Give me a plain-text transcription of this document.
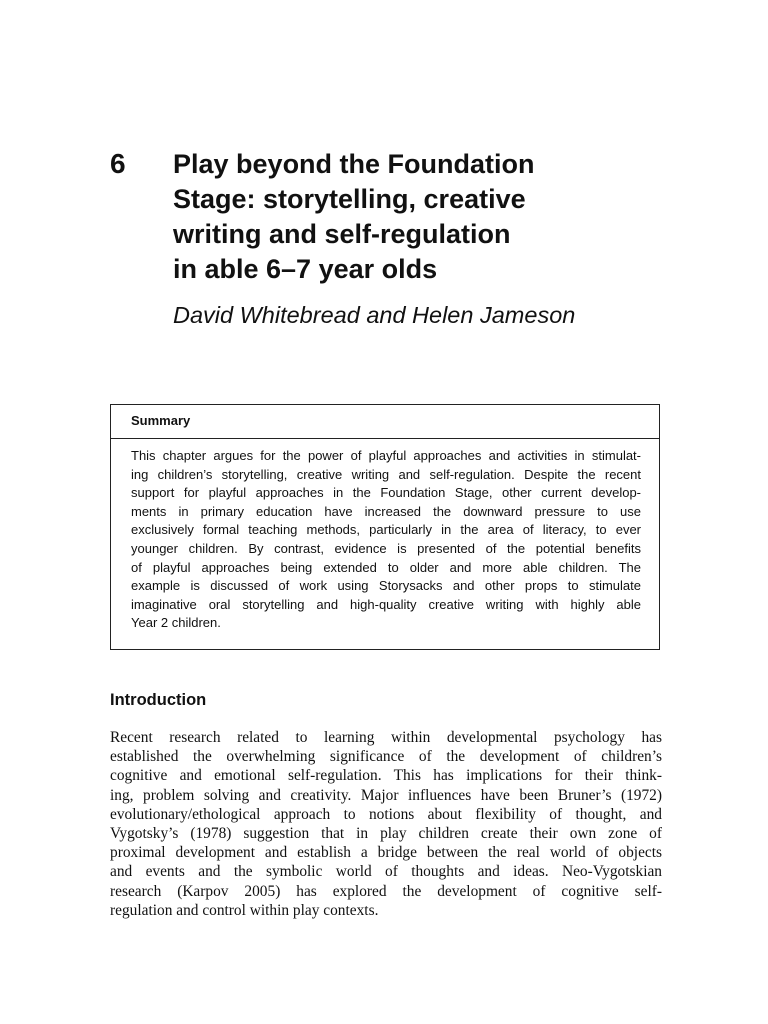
6 Play beyond the Foundation
Stage: storytelling, creative
writing and self-regulation
in able 6–7 year olds
David Whitebread and Helen Jameson
Summary
This chapter argues for the power of playful approaches and activities in stimulat-
ing children’s storytelling, creative writing and self-regulation. Despite the recent
support for playful approaches in the Foundation Stage, other current develop-
ments in primary education have increased the downward pressure to use
exclusively formal teaching methods, particularly in the area of literacy, to ever
younger children. By contrast, evidence is presented of the potential benefits
of playful approaches being extended to older and more able children. The
example is discussed of work using Storysacks and other props to stimulate
imaginative oral storytelling and high-quality creative writing with highly able
Year 2 children.
Introduction
Recent research related to learning within developmental psychology has
established the overwhelming significance of the development of children’s
cognitive and emotional self-regulation. This has implications for their think-
ing, problem solving and creativity. Major influences have been Bruner’s (1972)
evolutionary/ethological approach to notions about flexibility of thought, and
Vygotsky’s (1978) suggestion that in play children create their own zone of
proximal development and establish a bridge between the real world of objects
and events and the symbolic world of thoughts and ideas. Neo-Vygotskian
research (Karpov 2005) has explored the development of cognitive self-
regulation and control within play contexts.
